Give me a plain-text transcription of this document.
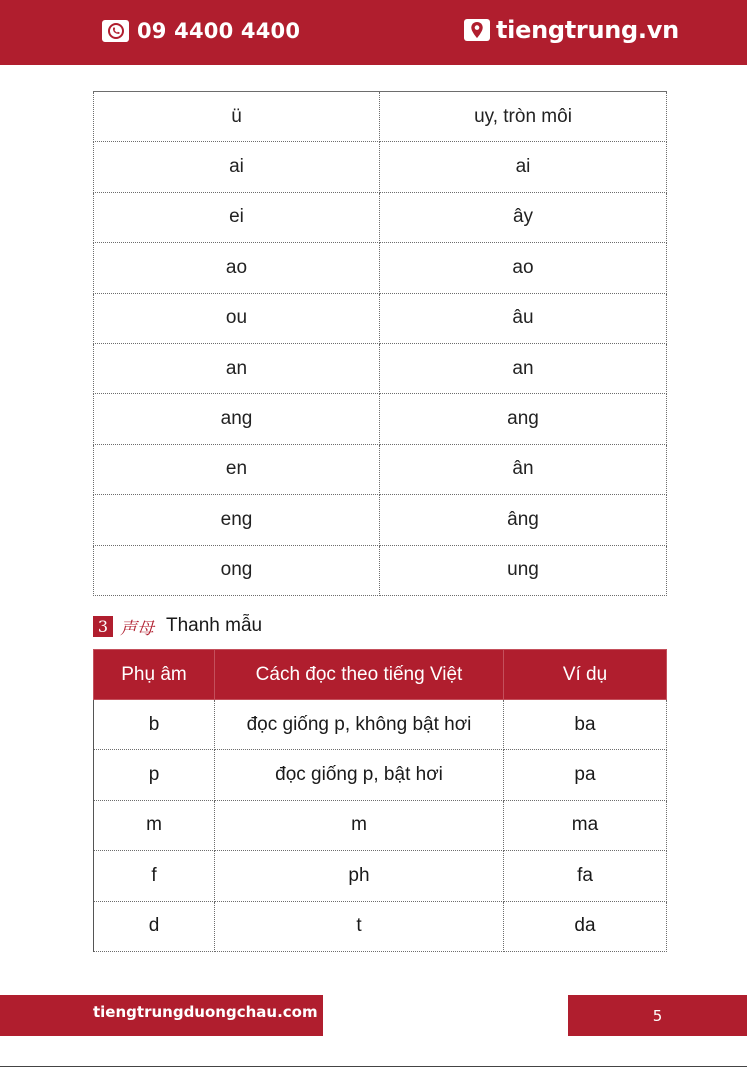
09 4400 4400	tiengtrung.vn
ü	uy, tròn môi
ai	ai
ei	ây
ao	ao
ou	âu
an	an
ang	ang
en	ân
eng	âng
ong	ung
3 声母 Thanh mẫu
Phụ âm	Cách đọc theo tiếng Việt	Ví dụ
b	đọc giống p, không bật hơi	ba
p	đọc giống p, bật hơi	pa
m	m	ma
f	ph	fa
d	t	da
tiengtrungduongchau.com	5
